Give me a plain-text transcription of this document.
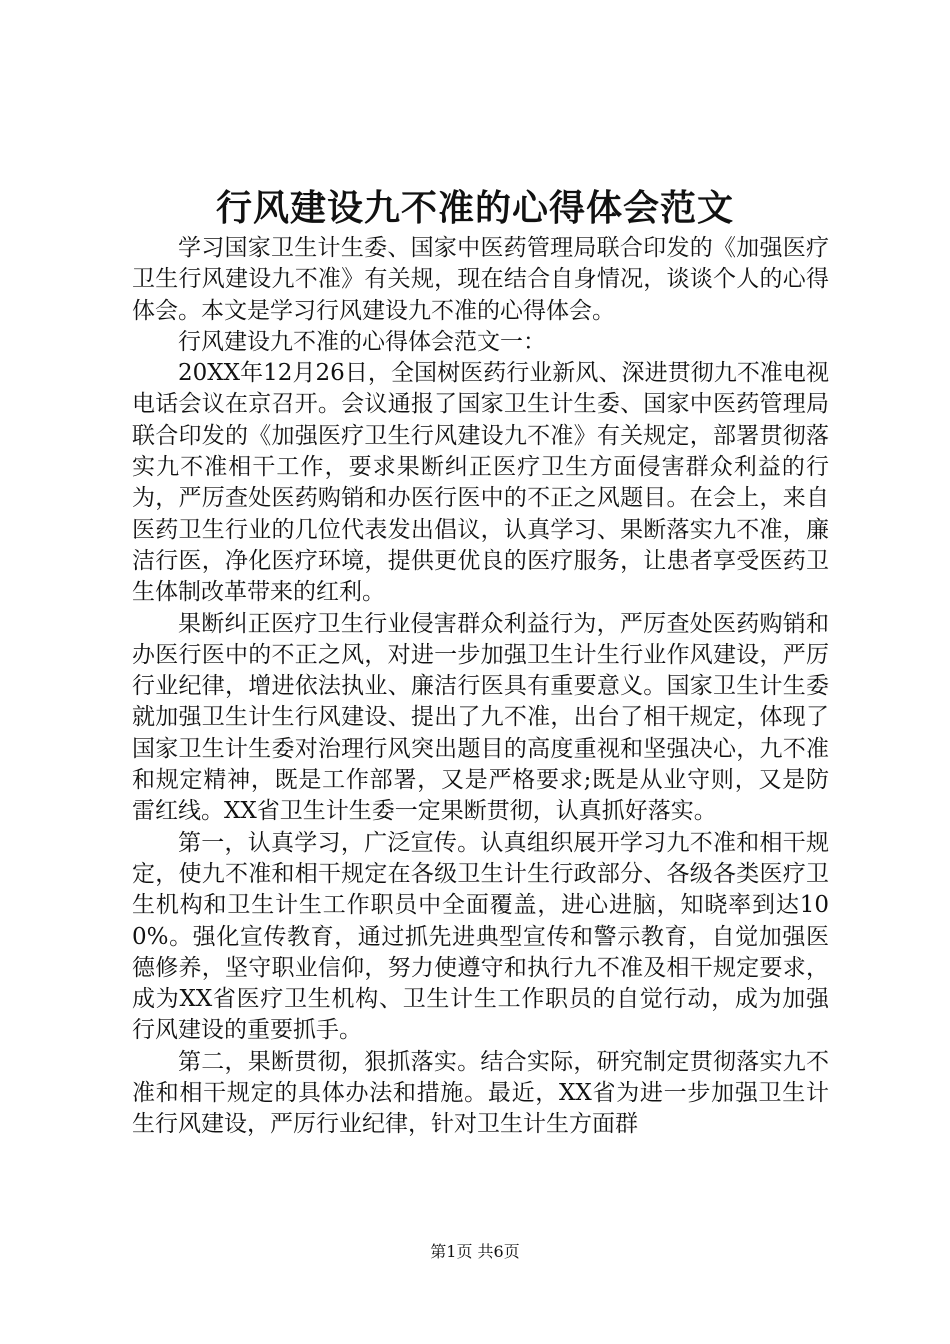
行风建设九不准的心得体会范文

学习国家卫生计生委、国家中医药管理局联合印发的《加强医疗卫生行风建设九不准》有关规，现在结合自身情况，谈谈个人的心得体会。本文是学习行风建设九不准的心得体会。

行风建设九不准的心得体会范文一：

20XX年12月26日，全国树医药行业新风、深进贯彻九不准电视电话会议在京召开。会议通报了国家卫生计生委、国家中医药管理局联合印发的《加强医疗卫生行风建设九不准》有关规定，部署贯彻落实九不准相干工作，要求果断纠正医疗卫生方面侵害群众利益的行为，严厉查处医药购销和办医行医中的不正之风题目。在会上，来自医药卫生行业的几位代表发出倡议，认真学习、果断落实九不准，廉洁行医，净化医疗环境，提供更优良的医疗服务，让患者享受医药卫生体制改革带来的红利。

果断纠正医疗卫生行业侵害群众利益行为，严厉查处医药购销和办医行医中的不正之风，对进一步加强卫生计生行业作风建设，严厉行业纪律，增进依法执业、廉洁行医具有重要意义。国家卫生计生委就加强卫生计生行风建设、提出了九不准，出台了相干规定，体现了国家卫生计生委对治理行风突出题目的高度重视和坚强决心，九不准和规定精神，既是工作部署，又是严格要求;既是从业守则，又是防雷红线。XX省卫生计生委一定果断贯彻，认真抓好落实。

第一，认真学习，广泛宣传。认真组织展开学习九不准和相干规定，使九不准和相干规定在各级卫生计生行政部分、各级各类医疗卫生机构和卫生计生工作职员中全面覆盖，进心进脑，知晓率到达100%。强化宣传教育，通过抓先进典型宣传和警示教育，自觉加强医德修养，坚守职业信仰，努力使遵守和执行九不准及相干规定要求，成为XX省医疗卫生机构、卫生计生工作职员的自觉行动，成为加强行风建设的重要抓手。

第二，果断贯彻，狠抓落实。结合实际，研究制定贯彻落实九不准和相干规定的具体办法和措施。最近，XX省为进一步加强卫生计生行风建设，严厉行业纪律，针对卫生计生方面群

第1页 共6页
